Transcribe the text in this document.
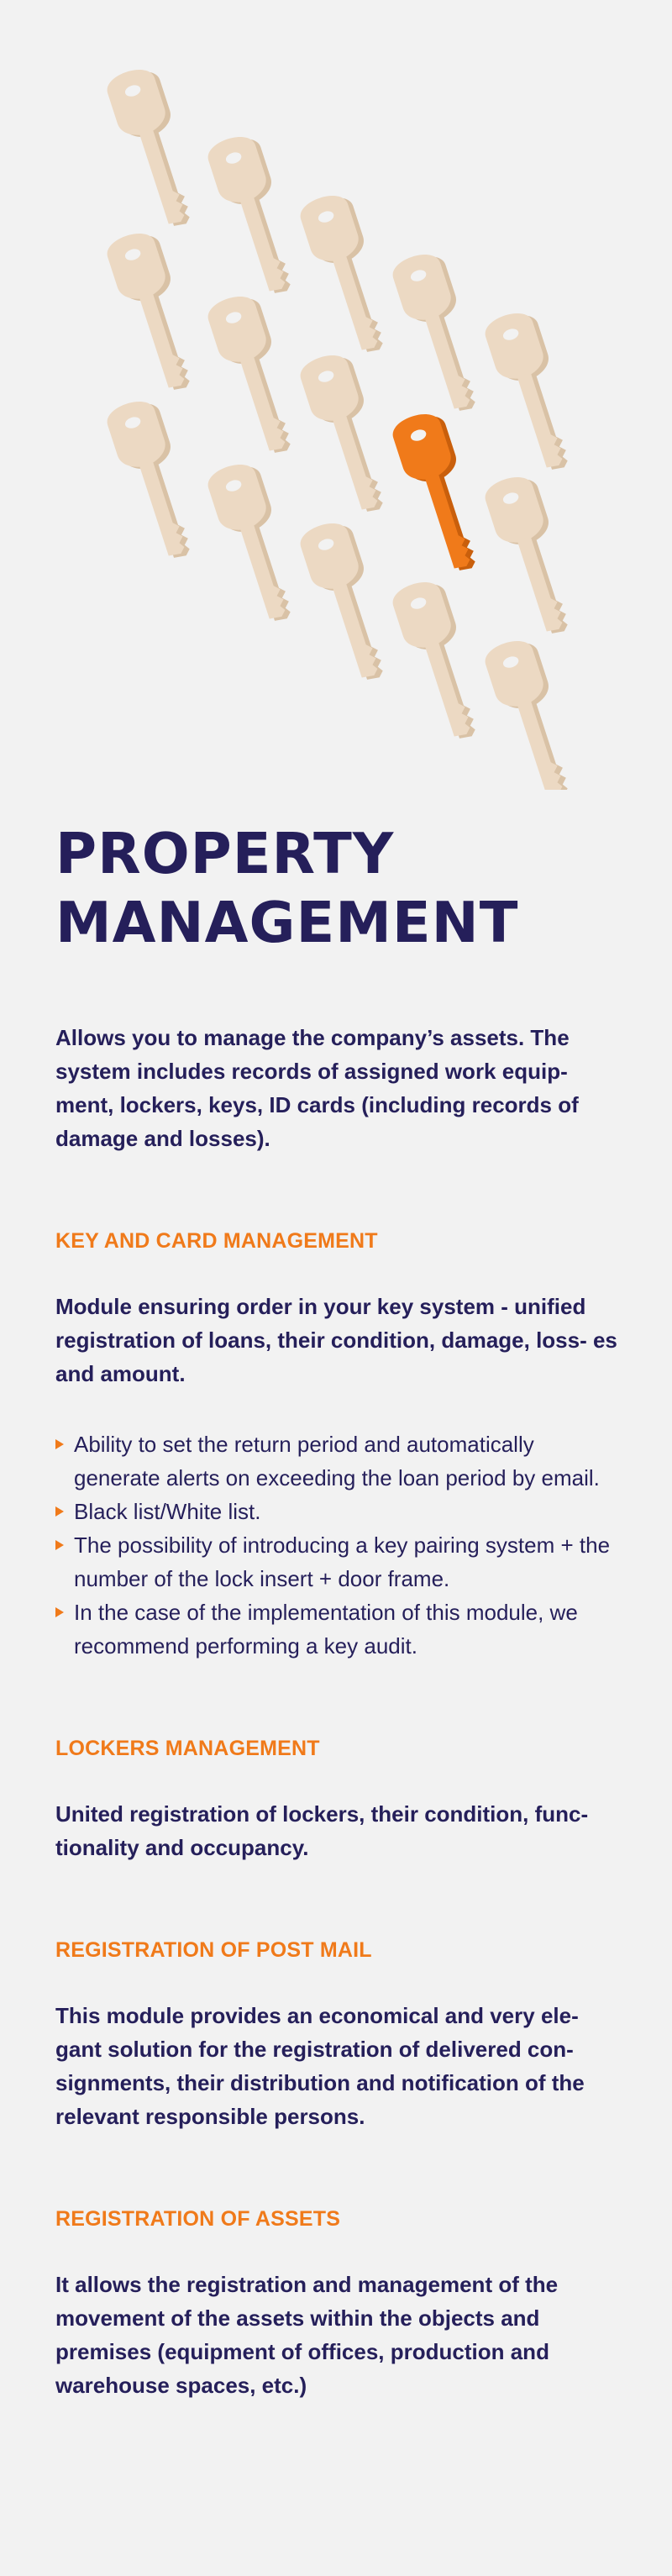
PROPERTY
MANAGEMENT

Allows you to manage the company’s assets. The system includes records of assigned work equip- ment, lockers, keys, ID cards (including records of damage and losses).

KEY AND CARD MANAGEMENT

Module ensuring order in your key system - unified registration of loans, their condition, damage, loss- es and amount.

Ability to set the return period and automatically generate alerts on exceeding the loan period by email.
Black list/White list.
The possibility of introducing a key pairing system + the number of the lock insert + door frame.
In the case of the implementation of this module, we recommend performing a key audit.
LOCKERS MANAGEMENT

United registration of lockers, their condition, func- tionality and occupancy.

REGISTRATION OF POST MAIL

This module provides an economical and very ele- gant solution for the registration of delivered con- signments, their distribution and notification of the relevant responsible persons.

REGISTRATION OF ASSETS

It allows the registration and management of the movement of the assets within the objects and premises (equipment of offices, production and warehouse spaces, etc.)
